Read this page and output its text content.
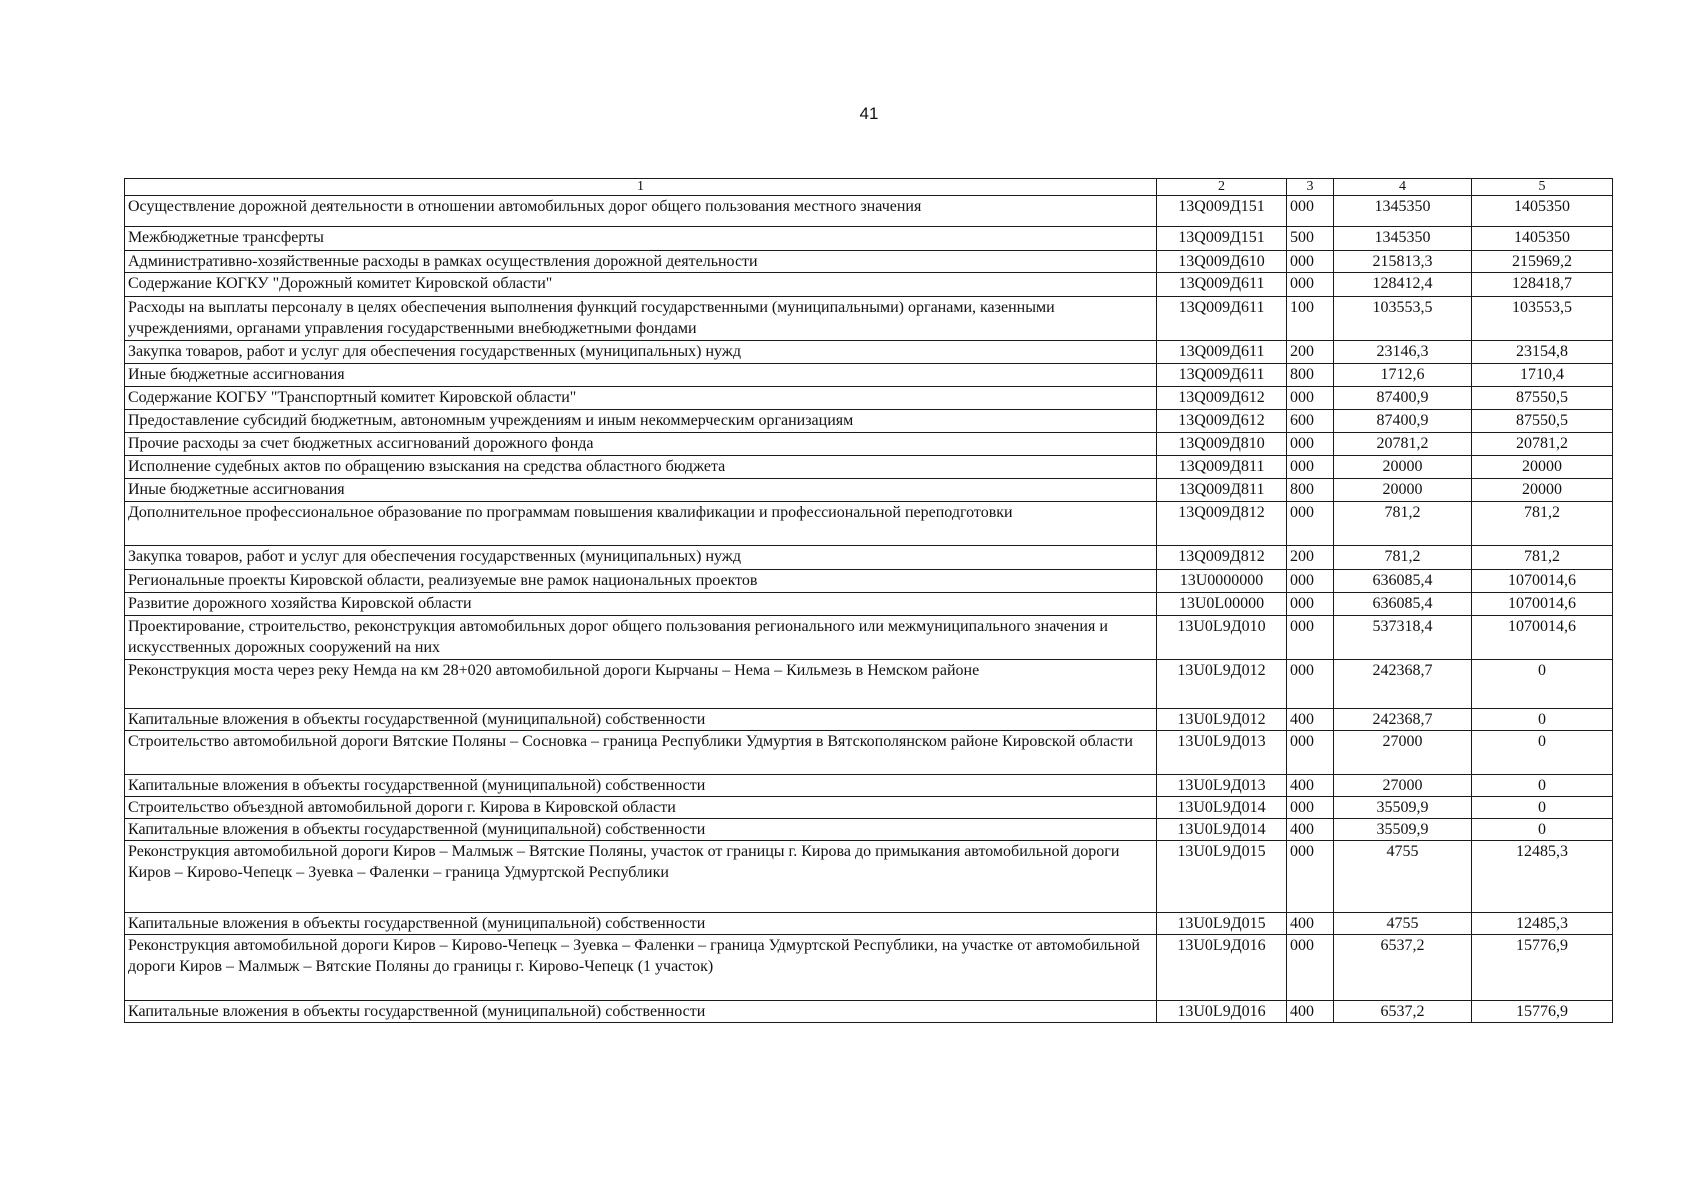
41
1	2	3	4	5
Осуществление дорожной деятельности в отношении автомобильных дорог общего пользования местного значения	13Q009Д151	000	1345350	1405350
Межбюджетные трансферты	13Q009Д151	500	1345350	1405350
Административно-хозяйственные расходы в рамках осуществления дорожной деятельности	13Q009Д610	000	215813,3	215969,2
Содержание КОГКУ "Дорожный комитет Кировской области"	13Q009Д611	000	128412,4	128418,7
Расходы на выплаты персоналу в целях обеспечения выполнения функций государственными (муниципальными) органами, казенными учреждениями, органами управления государственными внебюджетными фондами	13Q009Д611	100	103553,5	103553,5
Закупка товаров, работ и услуг для обеспечения государственных (муниципальных) нужд	13Q009Д611	200	23146,3	23154,8
Иные бюджетные ассигнования	13Q009Д611	800	1712,6	1710,4
Содержание КОГБУ "Транспортный комитет Кировской области"	13Q009Д612	000	87400,9	87550,5
Предоставление субсидий бюджетным, автономным учреждениям и иным некоммерческим организациям	13Q009Д612	600	87400,9	87550,5
Прочие расходы за счет бюджетных ассигнований дорожного фонда	13Q009Д810	000	20781,2	20781,2
Исполнение судебных актов по обращению взыскания на средства областного бюджета	13Q009Д811	000	20000	20000
Иные бюджетные ассигнования	13Q009Д811	800	20000	20000
Дополнительное профессиональное образование по программам повышения квалификации и профессиональной переподготовки	13Q009Д812	000	781,2	781,2
Закупка товаров, работ и услуг для обеспечения государственных (муниципальных) нужд	13Q009Д812	200	781,2	781,2
Региональные проекты Кировской области, реализуемые вне рамок национальных проектов	13U0000000	000	636085,4	1070014,6
Развитие дорожного хозяйства Кировской области	13U0L00000	000	636085,4	1070014,6
Проектирование, строительство, реконструкция автомобильных дорог общего пользования регионального или межмуниципального значения и искусственных дорожных сооружений на них	13U0L9Д010	000	537318,4	1070014,6
Реконструкция моста через реку Немда на км 28+020 автомобильной дороги Кырчаны – Нема – Кильмезь в Немском районе	13U0L9Д012	000	242368,7	0
Капитальные вложения в объекты государственной (муниципальной) собственности	13U0L9Д012	400	242368,7	0
Строительство автомобильной дороги Вятские Поляны – Сосновка – граница Республики Удмуртия в Вятскополянском районе Кировской области	13U0L9Д013	000	27000	0
Капитальные вложения в объекты государственной (муниципальной) собственности	13U0L9Д013	400	27000	0
Строительство объездной автомобильной дороги г. Кирова в Кировской области	13U0L9Д014	000	35509,9	0
Капитальные вложения в объекты государственной (муниципальной) собственности	13U0L9Д014	400	35509,9	0
Реконструкция автомобильной дороги Киров – Малмыж – Вятские Поляны, участок от границы г. Кирова до примыкания автомобильной дороги Киров – Кирово-Чепецк – Зуевка – Фаленки – граница Удмуртской Республики	13U0L9Д015	000	4755	12485,3
Капитальные вложения в объекты государственной (муниципальной) собственности	13U0L9Д015	400	4755	12485,3
Реконструкция автомобильной дороги Киров – Кирово-Чепецк – Зуевка – Фаленки – граница Удмуртской Республики, на участке от автомобильной дороги Киров – Малмыж – Вятские Поляны до границы г. Кирово-Чепецк (1 участок)	13U0L9Д016	000	6537,2	15776,9
Капитальные вложения в объекты государственной (муниципальной) собственности	13U0L9Д016	400	6537,2	15776,9
